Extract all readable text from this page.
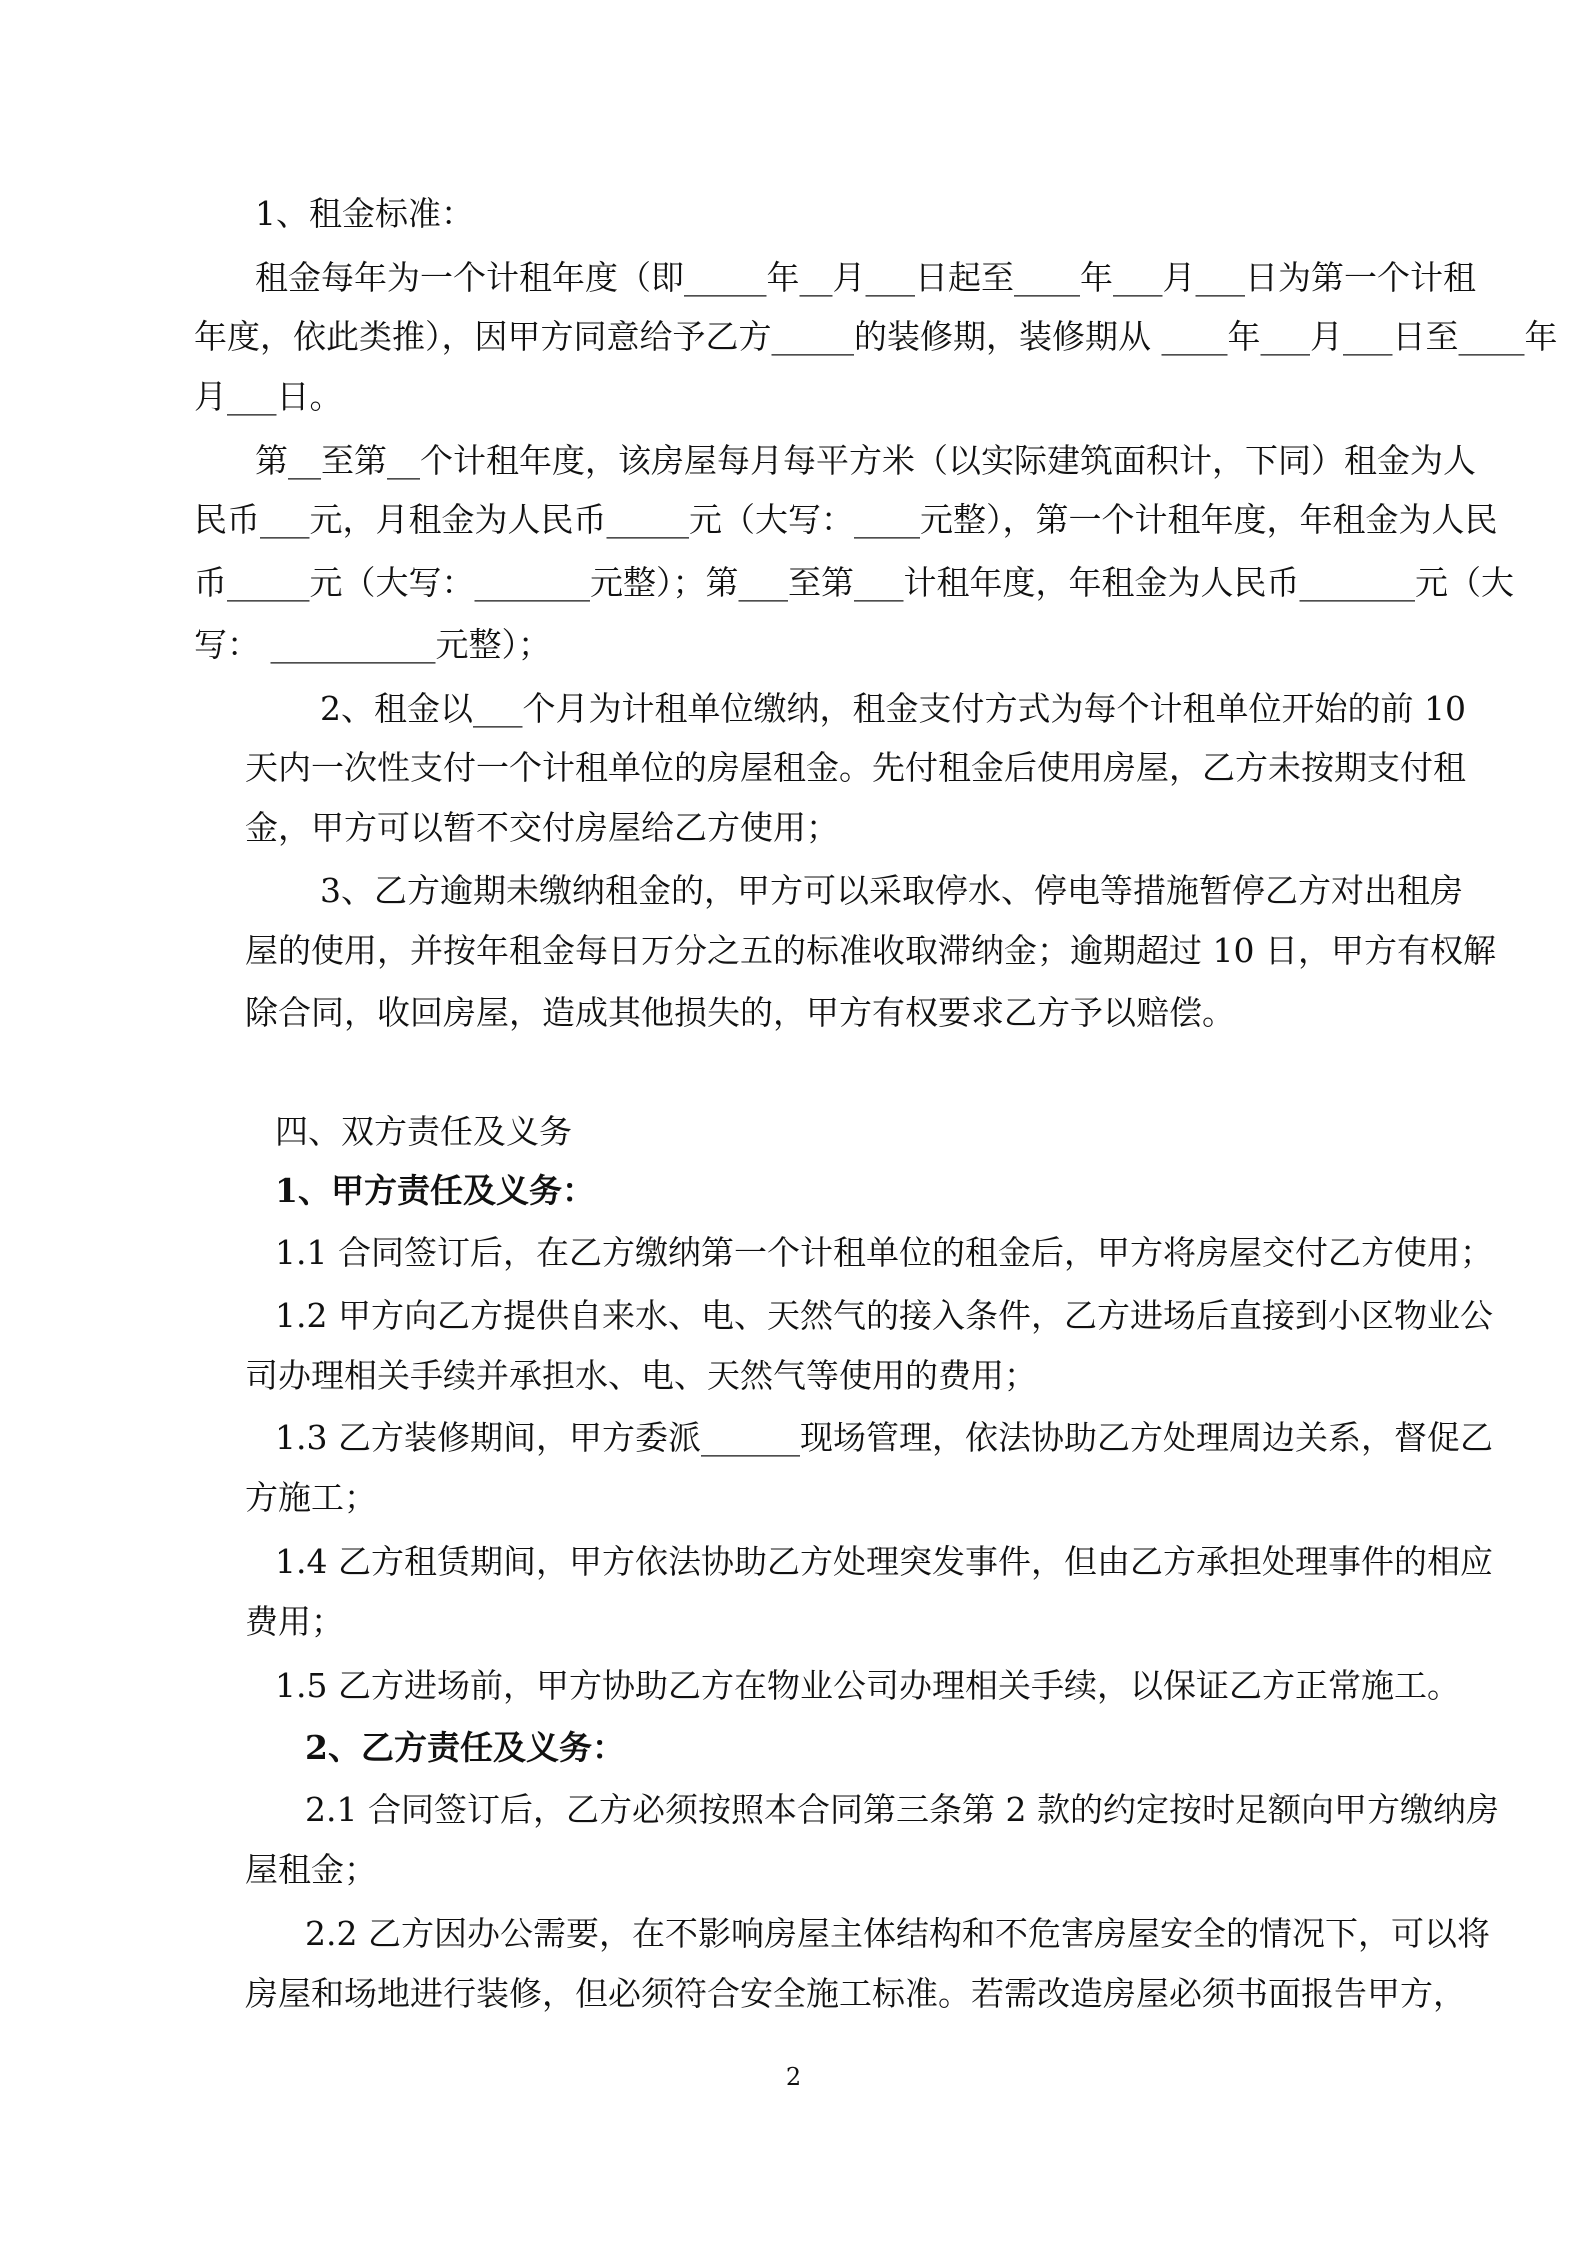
1、租金标准：

租金每年为一个计租年度（即_____年__月___日起至____年___月___日为第一个计租

年度，依此类推），因甲方同意给予乙方_____的装修期，装修期从 ____年___月___日至____年

月___日。

第__至第__个计租年度，该房屋每月每平方米（以实际建筑面积计，下同）租金为人

民币___元，月租金为人民币_____元（大写：____元整），第一个计租年度，年租金为人民

币_____元（大写：_______元整）；第___至第___计租年度，年租金为人民币_______元（大

写： __________元整）；

2、租金以___个月为计租单位缴纳，租金支付方式为每个计租单位开始的前 10

天内一次性支付一个计租单位的房屋租金。先付租金后使用房屋，乙方未按期支付租

金，甲方可以暂不交付房屋给乙方使用；

3、乙方逾期未缴纳租金的，甲方可以采取停水、停电等措施暂停乙方对出租房

屋的使用，并按年租金每日万分之五的标准收取滞纳金；逾期超过 10 日，甲方有权解

除合同，收回房屋，造成其他损失的，甲方有权要求乙方予以赔偿。

四、双方责任及义务

1、甲方责任及义务：

1.1 合同签订后，在乙方缴纳第一个计租单位的租金后，甲方将房屋交付乙方使用；

1.2 甲方向乙方提供自来水、电、天然气的接入条件，乙方进场后直接到小区物业公

司办理相关手续并承担水、电、天然气等使用的费用；

1.3 乙方装修期间，甲方委派______现场管理，依法协助乙方处理周边关系，督促乙

方施工；

1.4 乙方租赁期间，甲方依法协助乙方处理突发事件，但由乙方承担处理事件的相应

费用；

1.5 乙方进场前，甲方协助乙方在物业公司办理相关手续，以保证乙方正常施工。

2、乙方责任及义务：

2.1 合同签订后，乙方必须按照本合同第三条第 2 款的约定按时足额向甲方缴纳房

屋租金；

2.2 乙方因办公需要，在不影响房屋主体结构和不危害房屋安全的情况下，可以将

房屋和场地进行装修，但必须符合安全施工标准。若需改造房屋必须书面报告甲方，

2
